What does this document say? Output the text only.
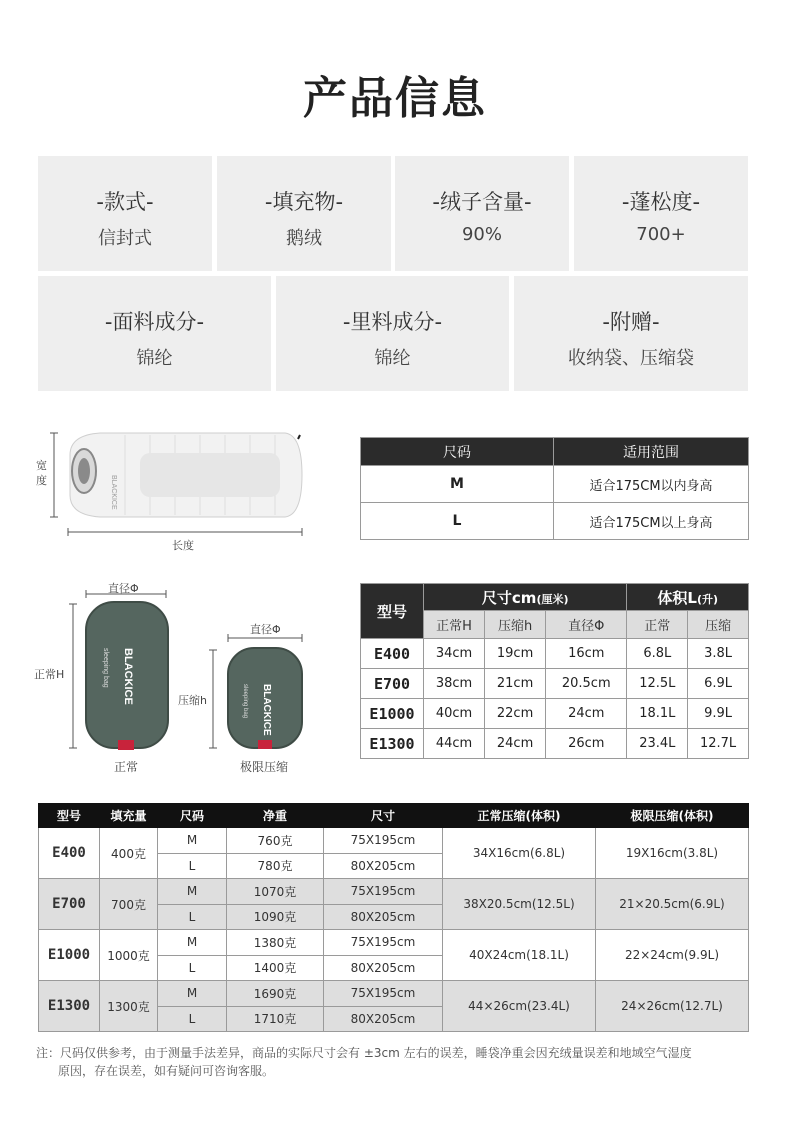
产品信息
-款式-
信封式
-填充物-
鹅绒
-绒子含量-
90%
-蓬松度-
700+
-面料成分-
锦纶
-里料成分-
锦纶
-附赠-
收纳袋、压缩袋
BLACKICE
宽
度
长度
尺码	适用范围
M	适合175CM以内身高
L	适合175CM以上身高
BLACKICE
sleeping bag
BLACKICE
sleeping bag
直径Φ
正常H
正常
直径Φ
压缩h
极限压缩
型号	尺寸cm(厘米)			体积L(升)	
	正常H	压缩h	直径Φ	正常	压缩
E400	34cm	19cm	16cm	6.8L	3.8L
E700	38cm	21cm	20.5cm	12.5L	6.9L
E1000	40cm	22cm	24cm	18.1L	9.9L
E1300	44cm	24cm	26cm	23.4L	12.7L
型号	填充量	尺码	净重	尺寸	正常压缩(体积)	极限压缩(体积)
E400	400克	M	760克	75X195cm	34X16cm(6.8L)	19X16cm(3.8L)
		L	780克	80X205cm		
E700	700克	M	1070克	75X195cm	38X20.5cm(12.5L)	21×20.5cm(6.9L)
		L	1090克	80X205cm		
E1000	1000克	M	1380克	75X195cm	40X24cm(18.1L)	22×24cm(9.9L)
		L	1400克	80X205cm		
E1300	1300克	M	1690克	75X195cm	44×26cm(23.4L)	24×26cm(12.7L)
		L	1710克	80X205cm		
注：尺码仅供参考，由于测量手法差异，商品的实际尺寸会有 ±3cm 左右的误差，睡袋净重会因充绒量误差和地域空气湿度
原因，存在误差，如有疑问可咨询客服。
